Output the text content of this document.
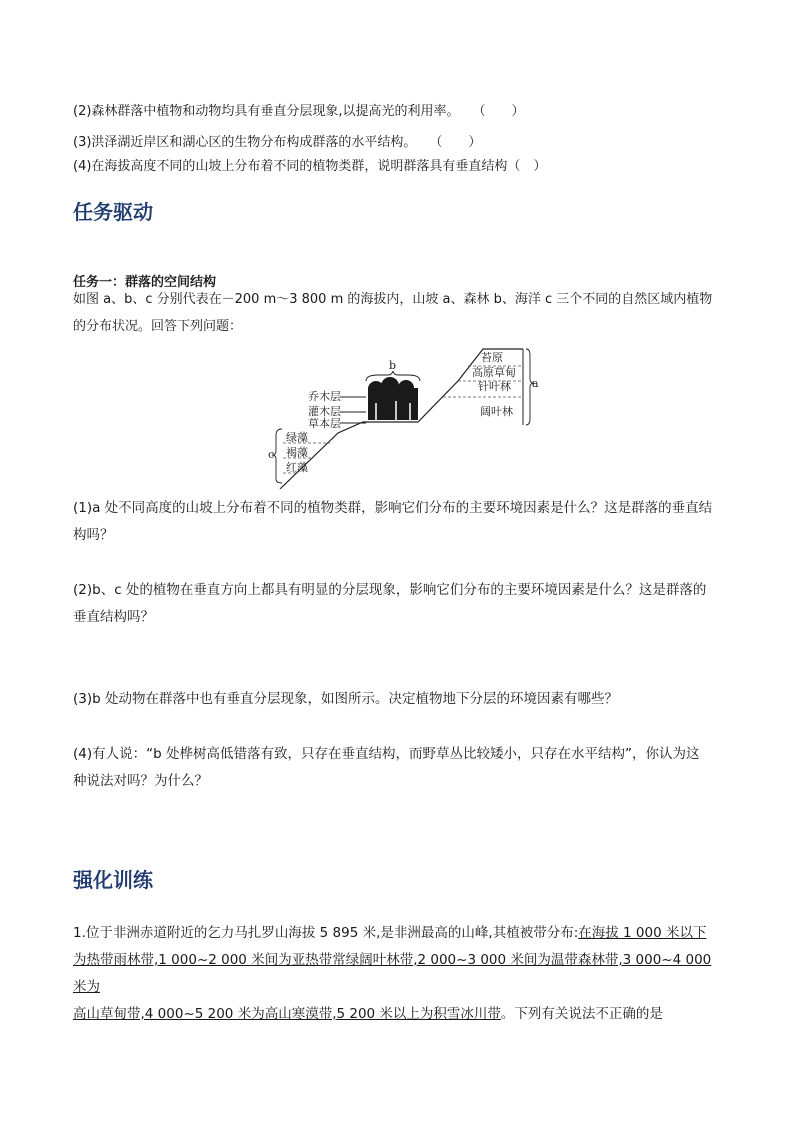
(2)森林群落中植物和动物均具有垂直分层现象,以提高光的利用率。　　（　　）
(3)洪泽湖近岸区和湖心区的生物分布构成群落的水平结构。　　（　　）
(4)在海拔高度不同的山坡上分布着不同的植物类群，说明群落具有垂直结构（　）
任务驱动
任务一：群落的空间结构
如图 a、b、c 分别代表在－200 m～3 800 m 的海拔内，山坡 a、森林 b、海洋 c 三个不同的自然区域内植物
的分布状况。回答下列问题：
乔木层
灌木层
草本层
绿藻
褐藻
红藻
苔原
高原草甸
针叶林
阔叶林
a
b
c
(1)a 处不同高度的山坡上分布着不同的植物类群，影响它们分布的主要环境因素是什么？这是群落的垂直结
构吗？
(2)b、c 处的植物在垂直方向上都具有明显的分层现象，影响它们分布的主要环境因素是什么？这是群落的
垂直结构吗？
(3)b 处动物在群落中也有垂直分层现象，如图所示。决定植物地下分层的环境因素有哪些？
(4)有人说：“b 处桦树高低错落有致，只存在垂直结构，而野草丛比较矮小，只存在水平结构”，你认为这
种说法对吗？为什么？
强化训练
1.位于非洲赤道附近的乞力马扎罗山海拔 5 895 米,是非洲最高的山峰,其植被带分布:在海拔 1 000 米以下
为热带雨林带,1 000~2 000 米间为亚热带常绿阔叶林带,2 000~3 000 米间为温带森林带,3 000~4 000 米为
高山草甸带,4 000~5 200 米为高山寒漠带,5 200 米以上为积雪冰川带。下列有关说法不正确的是
